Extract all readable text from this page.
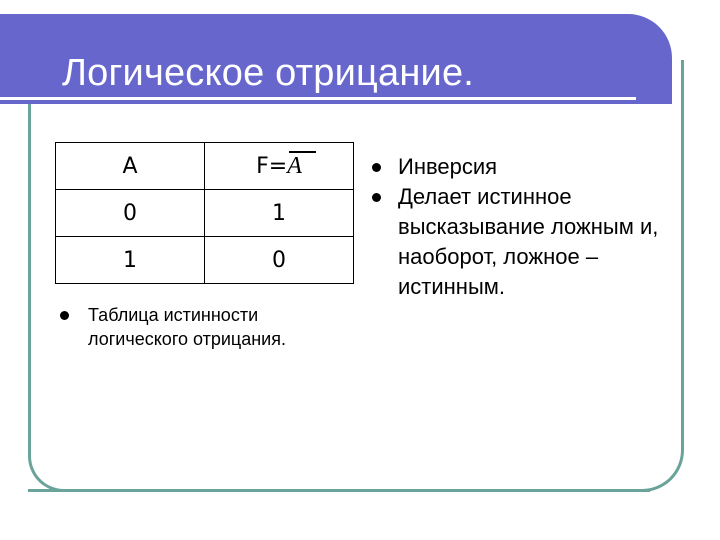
Логическое отрицание.
A	F=A
0	1
1	0

Таблица истинности логического отрицания.

Инверсия

Делает истинное высказывание ложным и, наоборот, ложное – истинным.
